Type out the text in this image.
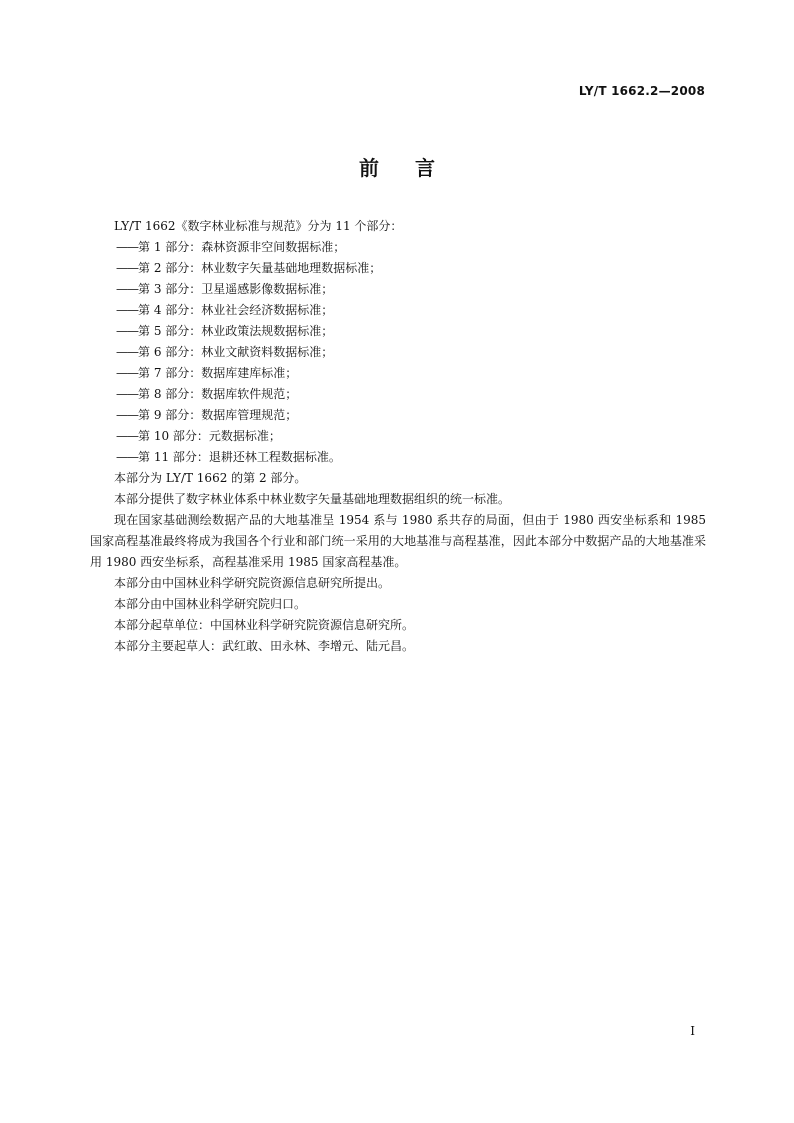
LY/T 1662.2—2008
前言

LY/T 1662《数字林业标准与规范》分为 11 个部分：

——第 1 部分：森林资源非空间数据标准；
——第 2 部分：林业数字矢量基础地理数据标准；
——第 3 部分：卫星遥感影像数据标准；
——第 4 部分：林业社会经济数据标准；
——第 5 部分：林业政策法规数据标准；
——第 6 部分：林业文献资料数据标准；
——第 7 部分：数据库建库标准；
——第 8 部分：数据库软件规范；
——第 9 部分：数据库管理规范；
——第 10 部分：元数据标准；
——第 11 部分：退耕还林工程数据标准。

本部分为 LY/T 1662 的第 2 部分。

本部分提供了数字林业体系中林业数字矢量基础地理数据组织的统一标准。

现在国家基础测绘数据产品的大地基准呈 1954 系与 1980 系共存的局面，但由于 1980 西安坐标系和 1985 国家高程基准最终将成为我国各个行业和部门统一采用的大地基准与高程基准，因此本部分中数据产品的大地基准采用 1980 西安坐标系，高程基准采用 1985 国家高程基准。

本部分由中国林业科学研究院资源信息研究所提出。

本部分由中国林业科学研究院归口。

本部分起草单位：中国林业科学研究院资源信息研究所。

本部分主要起草人：武红敢、田永林、李增元、陆元昌。

I
